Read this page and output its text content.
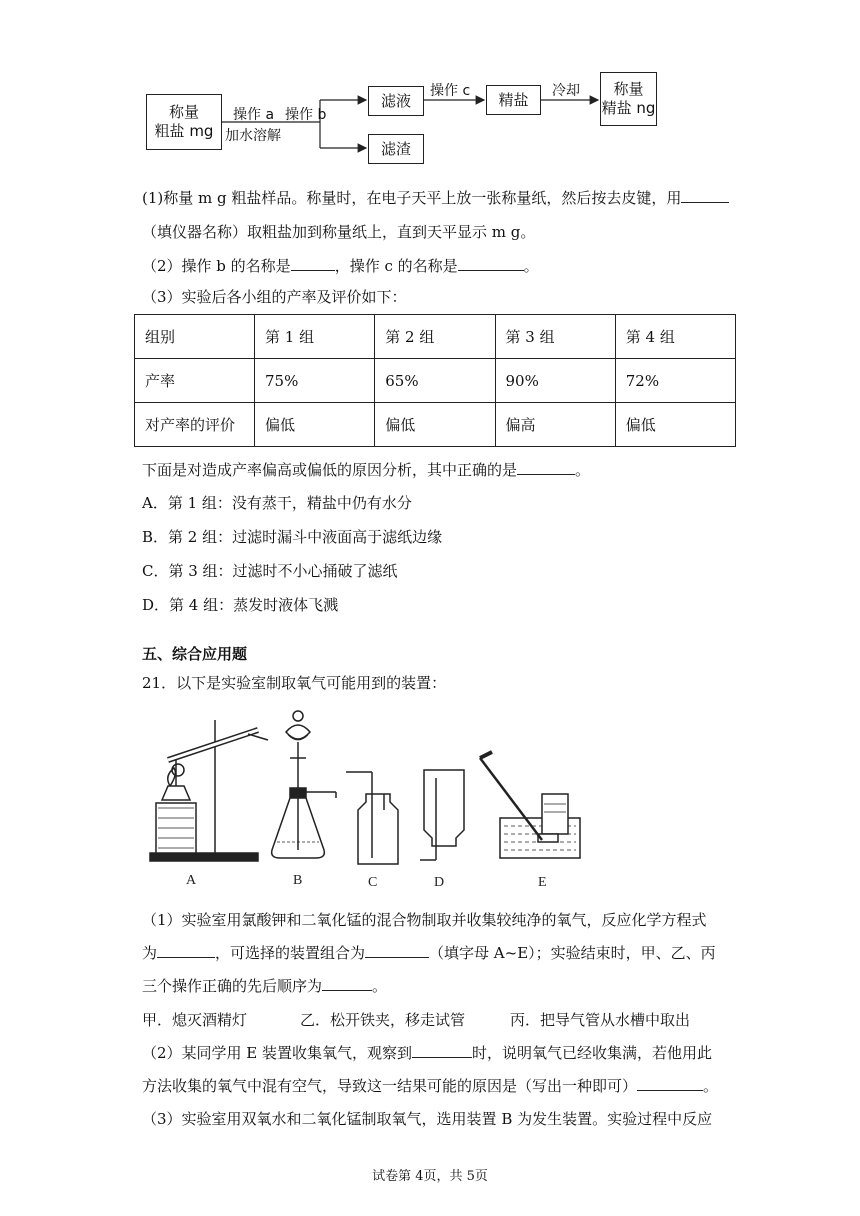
称量
粗盐 mg
操作 a 操作 b
加水溶解
滤液
滤渣
操作 c	精盐	冷却 称量
精盐 ng
(1)称量 m g 粗盐样品。称量时，在电子天平上放一张称量纸，然后按去皮键，用
（填仪器名称）取粗盐加到称量纸上，直到天平显示 m g。
（2）操作 b 的名称是	，操作 c 的名称是	。
（3）实验后各小组的产率及评价如下：
组别	第 1 组	第 2 组	第 3 组	第 4 组
产率	75%	65%	90%	72%
对产率的评价	偏低	偏低	偏高	偏低
下面是对造成产率偏高或偏低的原因分析，其中正确的是	。
A．第 1 组：没有蒸干，精盐中仍有水分
B．第 2 组：过滤时漏斗中液面高于滤纸边缘
C．第 3 组：过滤时不小心捅破了滤纸
D．第 4 组：蒸发时液体飞溅
五、综合应用题
21．以下是实验室制取氧气可能用到的装置：
A	B	C	D	E
（1）实验室用氯酸钾和二氧化锰的混合物制取并收集较纯净的氧气，反应化学方程式
为	，可选择的装置组合为	（填字母 A~E）；实验结束时，甲、乙、丙
三个操作正确的先后顺序为	。
甲．熄灭酒精灯	乙．松开铁夹，移走试管	丙．把导气管从水槽中取出
（2）某同学用 E 装置收集氧气，观察到	时，说明氧气已经收集满，若他用此
方法收集的氧气中混有空气，导致这一结果可能的原因是（写出一种即可）	。
（3）实验室用双氧水和二氧化锰制取氧气，选用装置 B 为发生装置。实验过程中反应
试卷第 4页，共 5页
